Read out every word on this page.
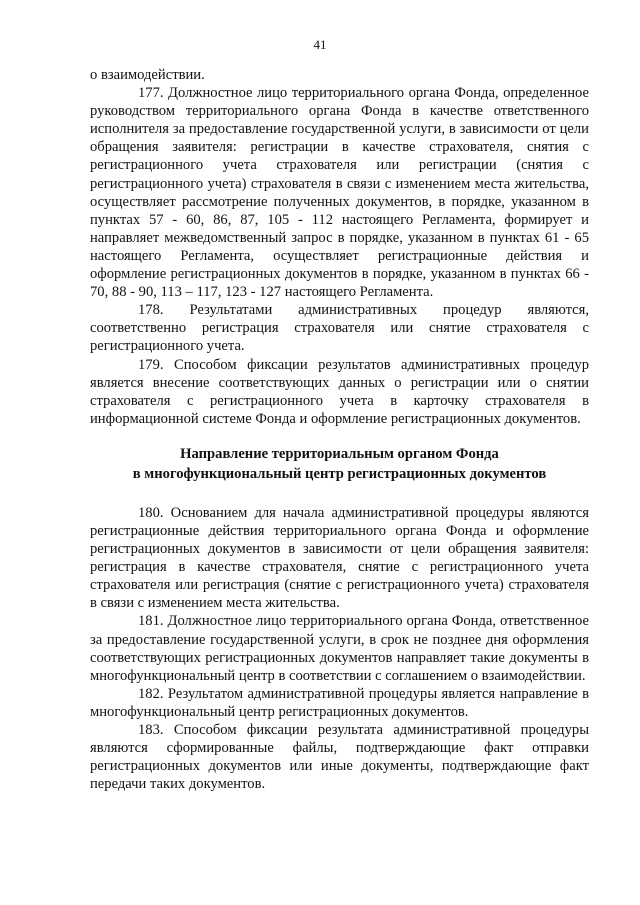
41

о взаимодействии.

177. Должностное лицо территориального органа Фонда, определенное руководством территориального органа Фонда в качестве ответственного исполнителя за предоставление государственной услуги, в зависимости от цели обращения заявителя: регистрации в качестве страхователя, снятия с регистрационного учета страхователя или регистрации (снятия с регистрационного учета) страхователя в связи с изменением места жительства, осуществляет рассмотрение полученных документов, в порядке, указанном в пунктах 57 - 60, 86, 87, 105 - 112 настоящего Регламента, формирует и направляет межведомственный запрос в порядке, указанном в пунктах 61 - 65 настоящего Регламента, осуществляет регистрационные действия и оформление регистрационных документов в порядке, указанном в пунктах 66 - 70, 88 - 90, 113 – 117, 123 - 127 настоящего Регламента.

178. Результатами административных процедур являются, соответственно регистрация страхователя или снятие страхователя с регистрационного учета.

179. Способом фиксации результатов административных процедур является внесение соответствующих данных о регистрации или о снятии страхователя с регистрационного учета в карточку страхователя в информационной системе Фонда и оформление регистрационных документов.

Направление территориальным органом Фонда
в многофункциональный центр регистрационных документов

180. Основанием для начала административной процедуры являются регистрационные действия территориального органа Фонда и оформление регистрационных документов в зависимости от цели обращения заявителя: регистрация в качестве страхователя, снятие с регистрационного учета страхователя или регистрация (снятие с регистрационного учета) страхователя в связи с изменением места жительства.

181. Должностное лицо территориального органа Фонда, ответственное за предоставление государственной услуги, в срок не позднее дня оформления соответствующих регистрационных документов направляет такие документы в многофункциональный центр в соответствии с соглашением о взаимодействии.

182. Результатом административной процедуры является направление в многофункциональный центр регистрационных документов.

183. Способом фиксации результата административной процедуры являются сформированные файлы, подтверждающие факт отправки регистрационных документов или иные документы, подтверждающие факт передачи таких документов.
